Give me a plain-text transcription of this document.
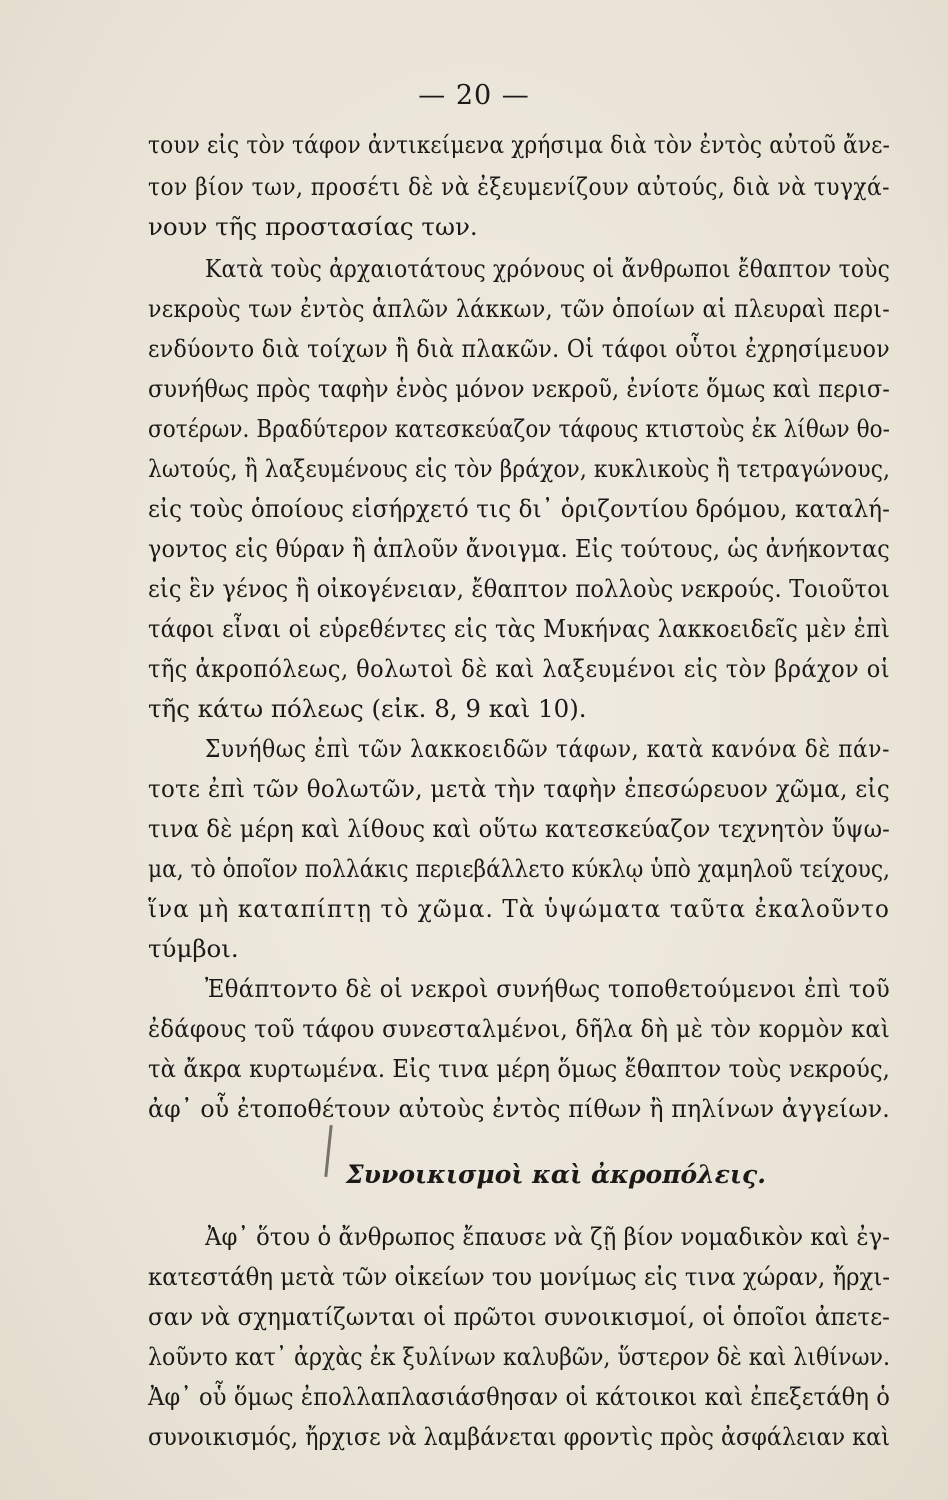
— 20 —
τουν εἰς τὸν τάφον ἀντικείμενα χρήσιμα διὰ τὸν ἐντὸς αὐτοῦ ἄνε-
τον βίον των, προσέτι δὲ νὰ ἐξευμενίζουν αὐτούς, διὰ νὰ τυγχά-
νουν τῆς προστασίας των.
Κατὰ τοὺς ἀρχαιοτάτους χρόνους οἱ ἄνθρωποι ἔθαπτον τοὺς
νεκροὺς των ἐντὸς ἁπλῶν λάκκων, τῶν ὁποίων αἱ πλευραὶ περι-
ενδύοντο διὰ τοίχων ἢ διὰ πλακῶν. Οἱ τάφοι οὗτοι ἐχρησίμευον
συνήθως πρὸς ταφὴν ἑνὸς μόνον νεκροῦ, ἐνίοτε ὅμως καὶ περισ-
σοτέρων. Βραδύτερον κατεσκεύαζον τάφους κτιστοὺς ἐκ λίθων θο-
λωτούς, ἢ λαξευμένους εἰς τὸν βράχον, κυκλικοὺς ἢ τετραγώνους,
εἰς τοὺς ὁποίους εἰσήρχετό τις δι᾽ ὁριζοντίου δρόμου, καταλή-
γοντος εἰς θύραν ἢ ἁπλοῦν ἄνοιγμα. Εἰς τούτους, ὡς ἀνήκοντας
εἰς ἓν γένος ἢ οἰκογένειαν, ἔθαπτον πολλοὺς νεκρούς. Τοιοῦτοι
τάφοι εἶναι οἱ εὑρεθέντες εἰς τὰς Μυκήνας λακκοειδεῖς μὲν ἐπὶ
τῆς ἀκροπόλεως, θολωτοὶ δὲ καὶ λαξευμένοι εἰς τὸν βράχον οἱ
τῆς κάτω πόλεως (εἰκ. 8, 9 καὶ 10).
Συνήθως ἐπὶ τῶν λακκοειδῶν τάφων, κατὰ κανόνα δὲ πάν-
τοτε ἐπὶ τῶν θολωτῶν, μετὰ τὴν ταφὴν ἐπεσώρευον χῶμα, εἰς
τινα δὲ μέρη καὶ λίθους καὶ οὕτω κατεσκεύαζον τεχνητὸν ὕψω-
μα, τὸ ὁποῖον πολλάκις περιεβάλλετο κύκλῳ ὑπὸ χαμηλοῦ τείχους,
ἵνα μὴ καταπίπτῃ τὸ χῶμα. Τὰ ὑψώματα ταῦτα ἐκαλοῦντο
τύμβοι.
Ἐθάπτοντο δὲ οἱ νεκροὶ συνήθως τοποθετούμενοι ἐπὶ τοῦ
ἐδάφους τοῦ τάφου συνεσταλμένοι, δῆλα δὴ μὲ τὸν κορμὸν καὶ
τὰ ἄκρα κυρτωμένα. Εἰς τινα μέρη ὅμως ἔθαπτον τοὺς νεκρούς,
ἀφ᾽ οὗ ἐτοποθέτουν αὐτοὺς ἐντὸς πίθων ἢ πηλίνων ἀγγείων.
Συνοικισμοὶ καὶ ἀκροπόλεις.
Ἀφ᾽ ὅτου ὁ ἄνθρωπος ἔπαυσε νὰ ζῇ βίον νομαδικὸν καὶ ἐγ-
κατεστάθη μετὰ τῶν οἰκείων του μονίμως εἰς τινα χώραν, ἤρχι-
σαν νὰ σχηματίζωνται οἱ πρῶτοι συνοικισμοί, οἱ ὁποῖοι ἀπετε-
λοῦντο κατ᾽ ἀρχὰς ἐκ ξυλίνων καλυβῶν, ὕστερον δὲ καὶ λιθίνων.
Ἀφ᾽ οὗ ὅμως ἐπολλαπλασιάσθησαν οἱ κάτοικοι καὶ ἐπεξετάθη ὁ
συνοικισμός, ἤρχισε νὰ λαμβάνεται φροντὶς πρὸς ἀσφάλειαν καὶ
